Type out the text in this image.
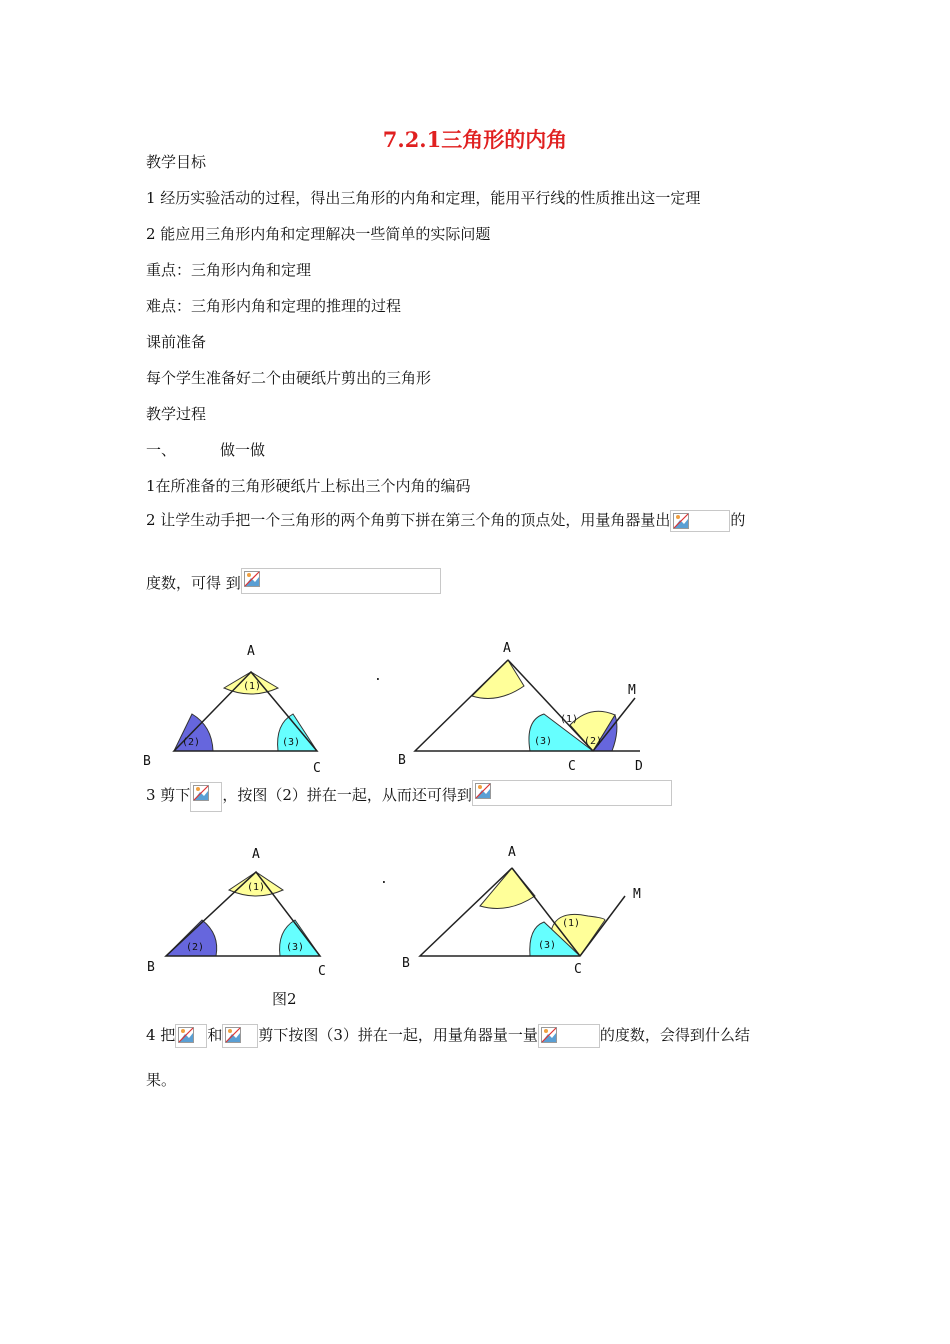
7.2.1三角形的内角
教学目标
1 经历实验活动的过程，得出三角形的内角和定理，能用平行线的性质推出这一定理
2 能应用三角形内角和定理解决一些简单的实际问题
重点：三角形内角和定理
难点：三角形内角和定理的推理的过程
课前准备
每个学生准备好二个由硬纸片剪出的三角形
教学过程
一、	做一做
1在所准备的三角形硬纸片上标出三个内角的编码
2 让学生动手把一个三角形的两个角剪下拼在第三个角的顶点处，用量角器量出	的
度数，可得 到
(1)
(2)	(3)
A
B	C
.
(1)
(3)	(2)
A
B	C	D
M
3 剪下 ，按图（2）拼在一起，从而还可得到
(1)
(2)	(3)
A
B	C
.
(1)
(3)
A
B	C
M
图2
4 把 和 剪下按图（3）拼在一起，用量角器量一量	的度数，会得到什么结
果。
